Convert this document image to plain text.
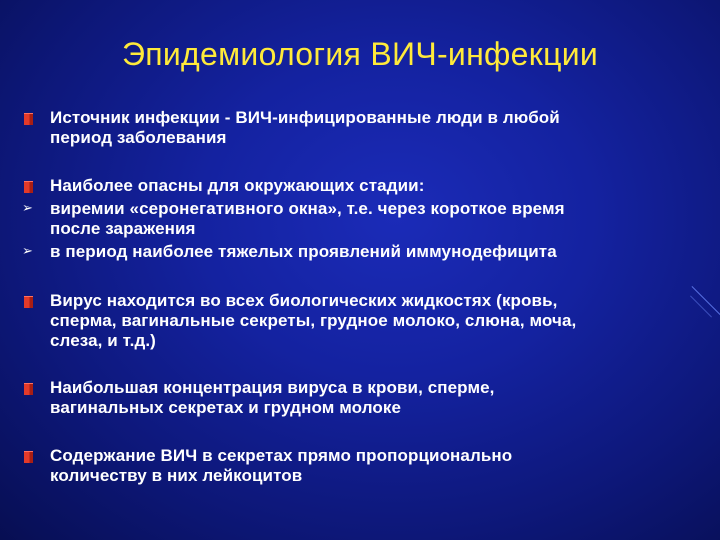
Эпидемиология ВИЧ-инфекции
Источник инфекции - ВИЧ-инфицированные люди в любой
период заболевания
Наиболее опасны для окружающих стадии:
➢ виремии «серонегативного окна», т.е. через короткое время
после заражения
➢ в период наиболее тяжелых проявлений иммунодефицита
Вирус находится во всех биологических жидкостях (кровь,
сперма, вагинальные секреты, грудное молоко, слюна, моча,
слеза, и т.д.)
Наибольшая концентрация вируса в крови, сперме,
вагинальных секретах и грудном молоке
Содержание ВИЧ в секретах прямо пропорционально
количеству в них лейкоцитов
